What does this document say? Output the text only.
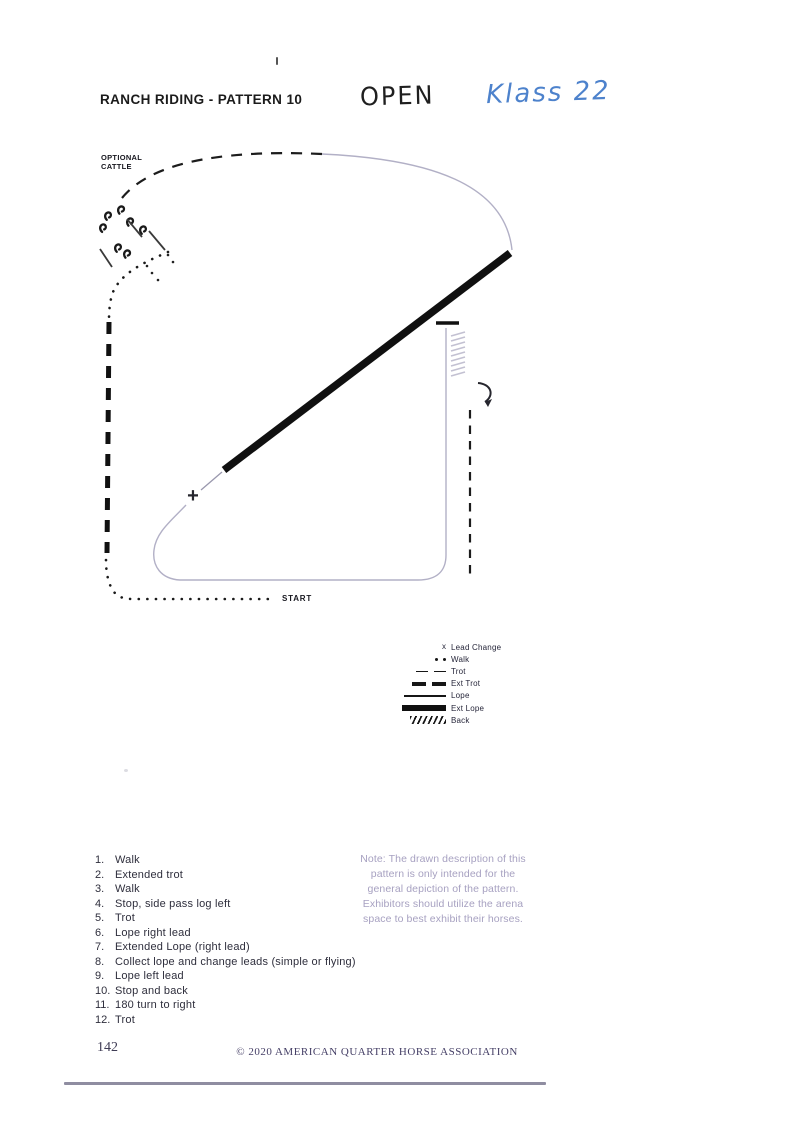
RANCH RIDING - PATTERN 10 OPEN Klass 22
OPTIONAL
CATTLE
START
+
x Lead Change
Walk
Trot
Ext Trot
Lope
Ext Lope
Back
1. Walk
2. Extended trot
3. Walk
4. Stop, side pass log left
5. Trot
6. Lope right lead
7. Extended Lope (right lead)
8. Collect lope and change leads (simple or flying)
9. Lope left lead
10. Stop and back
11. 180 turn to right
12. Trot
Note: The drawn description of this
pattern is only intended for the
general depiction of the pattern.
Exhibitors should utilize the arena
space to best exhibit their horses.
142	© 2020 AMERICAN QUARTER HORSE ASSOCIATION
